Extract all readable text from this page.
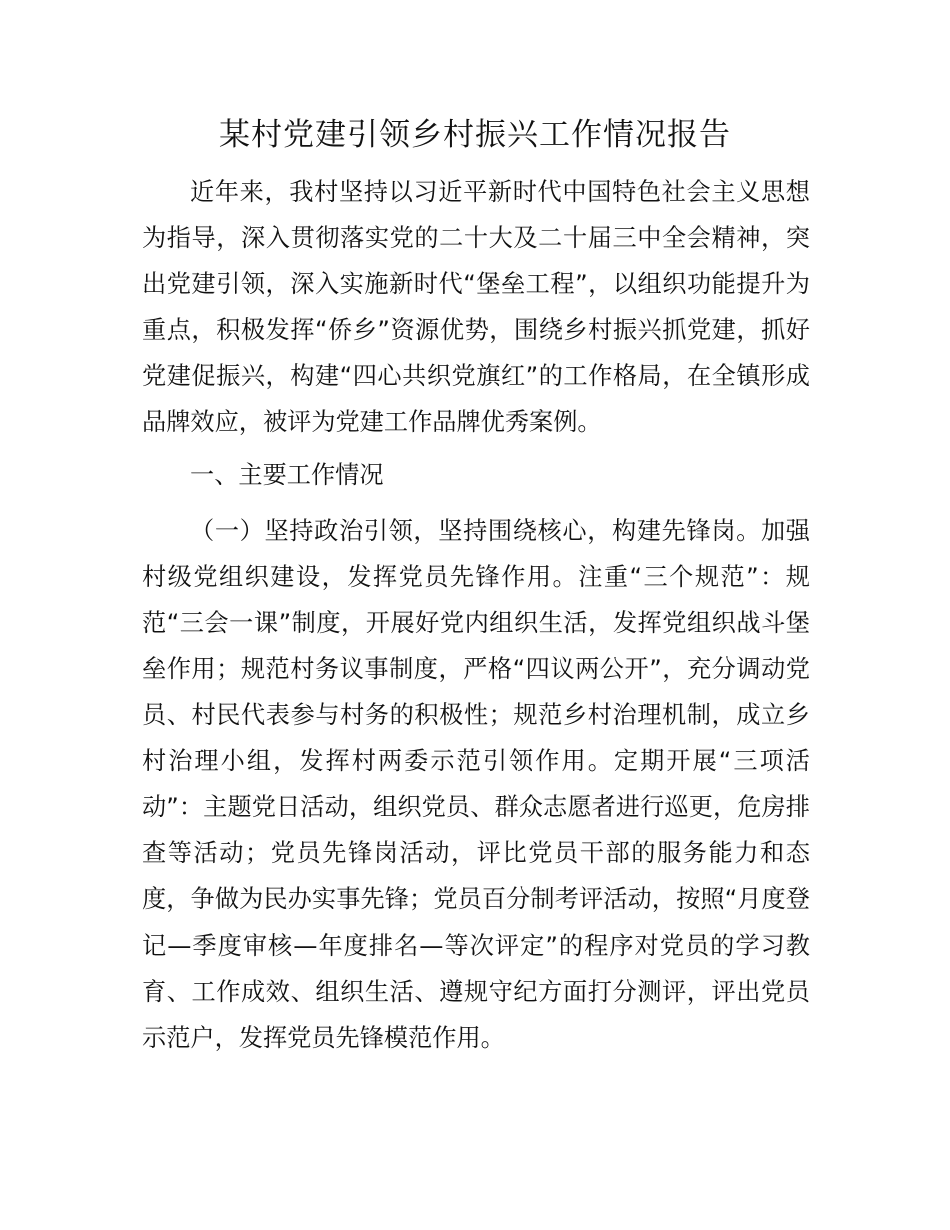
某村党建引领乡村振兴工作情况报告

近年来，我村坚持以习近平新时代中国特色社会主义思想为指导，深入贯彻落实党的二十大及二十届三中全会精神，突出党建引领，深入实施新时代“堡垒工程”，以组织功能提升为重点，积极发挥“侨乡”资源优势，围绕乡村振兴抓党建，抓好党建促振兴，构建“四心共织党旗红”的工作格局，在全镇形成品牌效应，被评为党建工作品牌优秀案例。

一、主要工作情况

（一）坚持政治引领，坚持围绕核心，构建先锋岗。加强村级党组织建设，发挥党员先锋作用。注重“三个规范”：规范“三会一课”制度，开展好党内组织生活，发挥党组织战斗堡垒作用；规范村务议事制度，严格“四议两公开”，充分调动党员、村民代表参与村务的积极性；规范乡村治理机制，成立乡村治理小组，发挥村两委示范引领作用。定期开展“三项活动”：主题党日活动，组织党员、群众志愿者进行巡更，危房排查等活动；党员先锋岗活动，评比党员干部的服务能力和态度，争做为民办实事先锋；党员百分制考评活动，按照“月度登记—季度审核—年度排名—等次评定”的程序对党员的学习教育、工作成效、组织生活、遵规守纪方面打分测评，评出党员示范户，发挥党员先锋模范作用。
